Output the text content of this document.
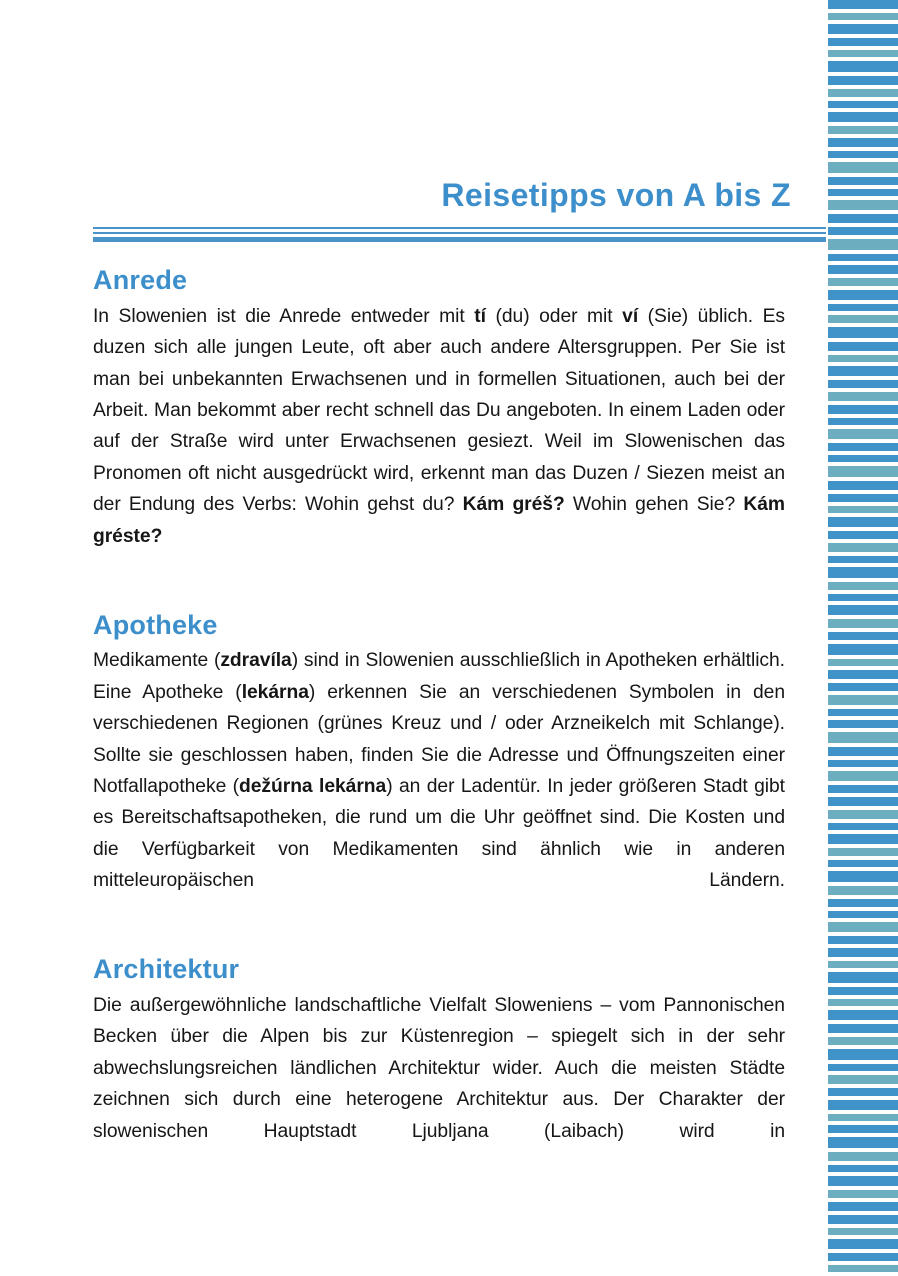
Reisetipps von A bis Z
Anrede

In Slowenien ist die Anrede entweder mit tí (du) oder mit ví (Sie) üblich. Es duzen sich alle jungen Leute, oft aber auch andere Altersgruppen. Per Sie ist man bei unbekannten Erwachsenen und in formellen Situationen, auch bei der Arbeit. Man bekommt aber recht schnell das Du angeboten. In einem Laden oder auf der Straße wird unter Erwachsenen gesiezt. Weil im Slowenischen das Pronomen oft nicht ausgedrückt wird, erkennt man das Duzen / Siezen meist an der Endung des Verbs: Wohin gehst du? Kám gréš? Wohin gehen Sie? Kám gréste?

Apotheke

Medikamente (zdravíla) sind in Slowenien ausschließlich in Apotheken erhältlich. Eine Apotheke (lekárna) erkennen Sie an verschiedenen Symbolen in den verschiedenen Regionen (grünes Kreuz und / oder Arzneikelch mit Schlange). Sollte sie geschlossen haben, finden Sie die Adresse und Öffnungszeiten einer Notfallapotheke (dežúrna lekárna) an der Ladentür. In jeder größeren Stadt gibt es Bereitschaftsapotheken, die rund um die Uhr geöffnet sind. Die Kosten und die Verfügbarkeit von Medikamenten sind ähnlich wie in anderen mitteleuropäischen Ländern.

Architektur

Die außergewöhnliche landschaftliche Vielfalt Sloweniens – vom Pannonischen Becken über die Alpen bis zur Küstenregion – spiegelt sich in der sehr abwechslungsreichen ländlichen Architektur wider. Auch die meisten Städte zeichnen sich durch eine heterogene Architektur aus. Der Charakter der slowenischen Hauptstadt Ljubljana (Laibach) wird in
